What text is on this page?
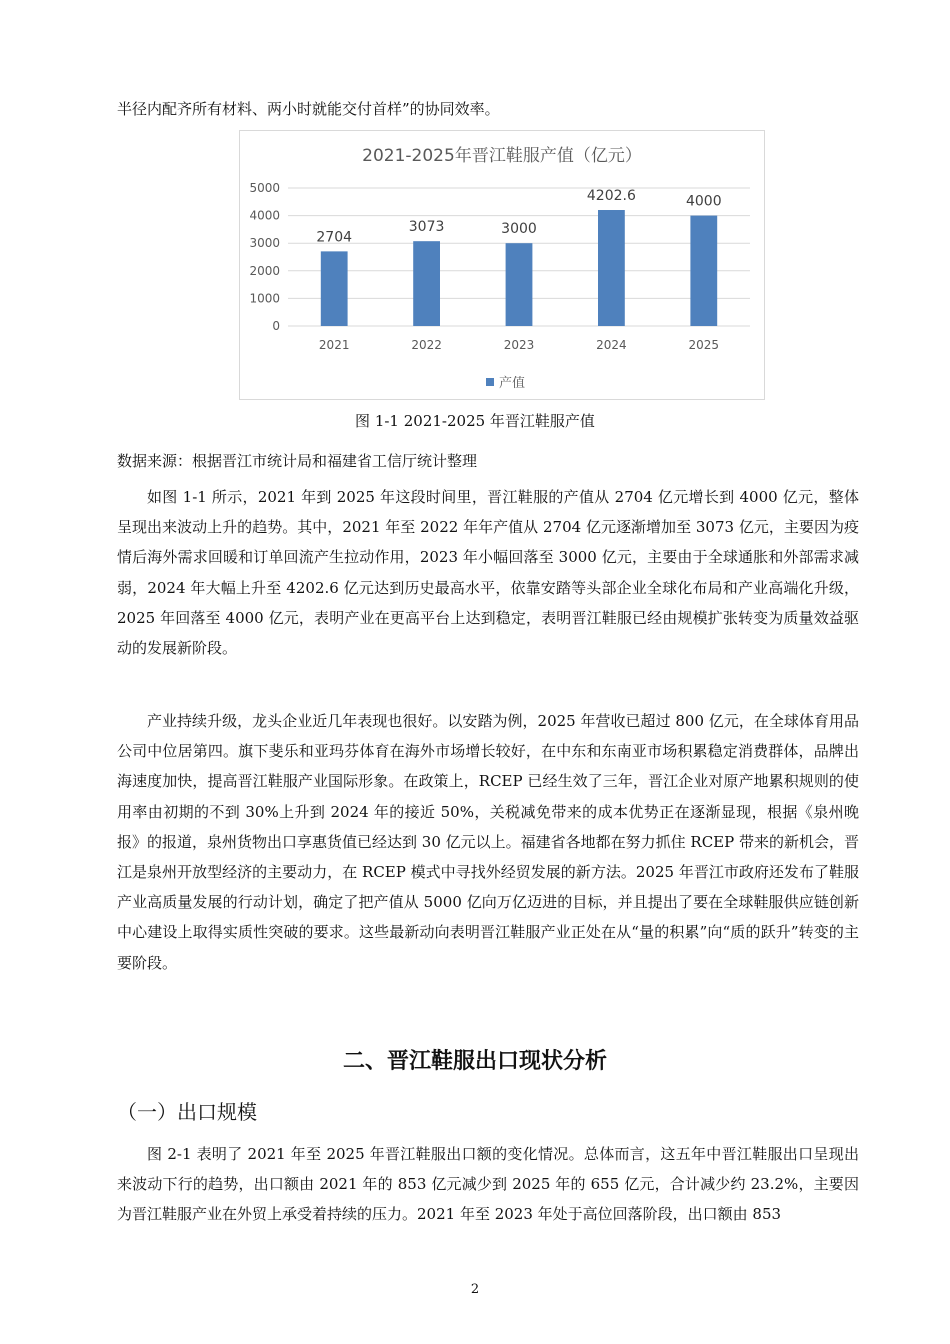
半径内配齐所有材料、两小时就能交付首样”的协同效率。

2021-2025年晋江鞋服产值（亿元）
2704
3073	3000
4202.6	4000
0
1000
2000
3000
4000
5000
2021	2022	2023	2024	2025
产值

图 1-1 2021-2025 年晋江鞋服产值

数据来源：根据晋江市统计局和福建省工信厅统计整理

如图 1-1 所示，2021 年到 2025 年这段时间里，晋江鞋服的产值从 2704 亿元增长到 4000 亿元，整体呈现出来波动上升的趋势。其中，2021 年至 2022 年年产值从 2704 亿元逐渐增加至 3073 亿元，主要因为疫情后海外需求回暖和订单回流产生拉动作用，2023 年小幅回落至 3000 亿元，主要由于全球通胀和外部需求减弱，2024 年大幅上升至 4202.6 亿元达到历史最高水平，依靠安踏等头部企业全球化布局和产业高端化升级，2025 年回落至 4000 亿元，表明产业在更高平台上达到稳定，表明晋江鞋服已经由规模扩张转变为质量效益驱动的发展新阶段。

产业持续升级，龙头企业近几年表现也很好。以安踏为例，2025 年营收已超过 800 亿元，在全球体育用品公司中位居第四。旗下斐乐和亚玛芬体育在海外市场增长较好，在中东和东南亚市场积累稳定消费群体，品牌出海速度加快，提高晋江鞋服产业国际形象。在政策上，RCEP 已经生效了三年，晋江企业对原产地累积规则的使用率由初期的不到 30%上升到 2024 年的接近 50%，关税减免带来的成本优势正在逐渐显现，根据《泉州晚报》的报道，泉州货物出口享惠货值已经达到 30 亿元以上。福建省各地都在努力抓住 RCEP 带来的新机会，晋江是泉州开放型经济的主要动力，在 RCEP 模式中寻找外经贸发展的新方法。2025 年晋江市政府还发布了鞋服产业高质量发展的行动计划，确定了把产值从 5000 亿向万亿迈进的目标，并且提出了要在全球鞋服供应链创新中心建设上取得实质性突破的要求。这些最新动向表明晋江鞋服产业正处在从“量的积累”向“质的跃升”转变的主要阶段。

二、晋江鞋服出口现状分析

（一）出口规模

图 2-1 表明了 2021 年至 2025 年晋江鞋服出口额的变化情况。总体而言，这五年中晋江鞋服出口呈现出来波动下行的趋势，出口额由 2021 年的 853 亿元减少到 2025 年的 655 亿元，合计减少约 23.2%，主要因为晋江鞋服产业在外贸上承受着持续的压力。2021 年至 2023 年处于高位回落阶段，出口额由 853

2
